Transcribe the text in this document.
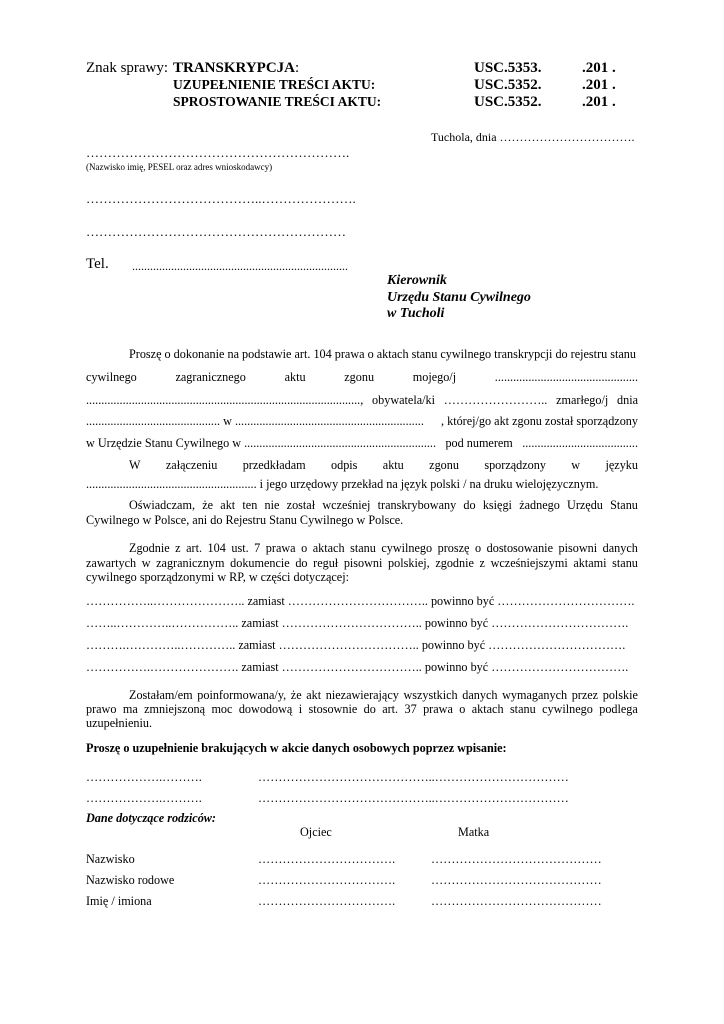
Znak sprawy: TRANSKRYPCJA:	USC.5353.	.201 .
UZUPEŁNIENIE TREŚCI AKTU:	USC.5352.	.201 .
SPROSTOWANIE TREŚCI AKTU:	USC.5352.	.201 .
Tuchola, dnia …………………………….
…………………………………………………….
(Nazwisko imię, PESEL oraz adres wnioskodawcy)
…………………………………..………………….
……………………………………………………
Tel. ........................................................................
Kierownik
Urzędu Stanu Cywilnego
w Tucholi
Proszę o dokonanie na podstawie art. 104 prawa o aktach stanu cywilnego transkrypcji do rejestru stanu
cywilnego	zagranicznego	aktu	zgonu	mojego/j	...............................................
.........................................................................................., obywatela/ki …………………….. zmarłego/j dnia
............................................ w .............................................................. , której/go akt zgonu został sporządzony
w Urzędzie Stanu Cywilnego w ............................................................... pod numerem ......................................
W załączeniu przedkładam odpis aktu zgonu sporządzony w języku
........................................................ i jego urzędowy przekład na język polski / na druku wielojęzycznym.
Oświadczam, że akt ten nie został wcześniej transkrybowany do księgi żadnego Urzędu Stanu
Cywilnego w Polsce, ani do Rejestru Stanu Cywilnego w Polsce.
Zgodnie z art. 104 ust. 7 prawa o aktach stanu cywilnego proszę o dostosowanie pisowni danych
zawartych w zagranicznym dokumencie do reguł pisowni polskiej, zgodnie z wcześniejszymi aktami stanu
cywilnego sporządzonymi w RP, w części dotyczącej:
……………..………………….. zamiast …………………………….. powinno być …………………………….
……..…………..…………….. zamiast …………………………….. powinno być …………………………….
……….…………..………….. zamiast …………………………….. powinno być …………………………….
…………….…………………. zamiast …………………………….. powinno być …………………………….
Zostałam/em poinformowana/y, że akt niezawierający wszystkich danych wymaganych przez polskie
prawo ma zmniejszoną moc dowodową i stosownie do art. 37 prawa o aktach stanu cywilnego podlega
uzupełnieniu.
Proszę o uzupełnienie brakujących w akcie danych osobowych poprzez wpisanie:
……………….……….	……………………………………..……………………………
……………….……….	……………………………………..……………………………
Dane dotyczące rodziców:
Ojciec	Matka
Nazwisko	…………………………….	……………………………………
Nazwisko rodowe	…………………………….	……………………………………
Imię / imiona	…………………………….	……………………………………
